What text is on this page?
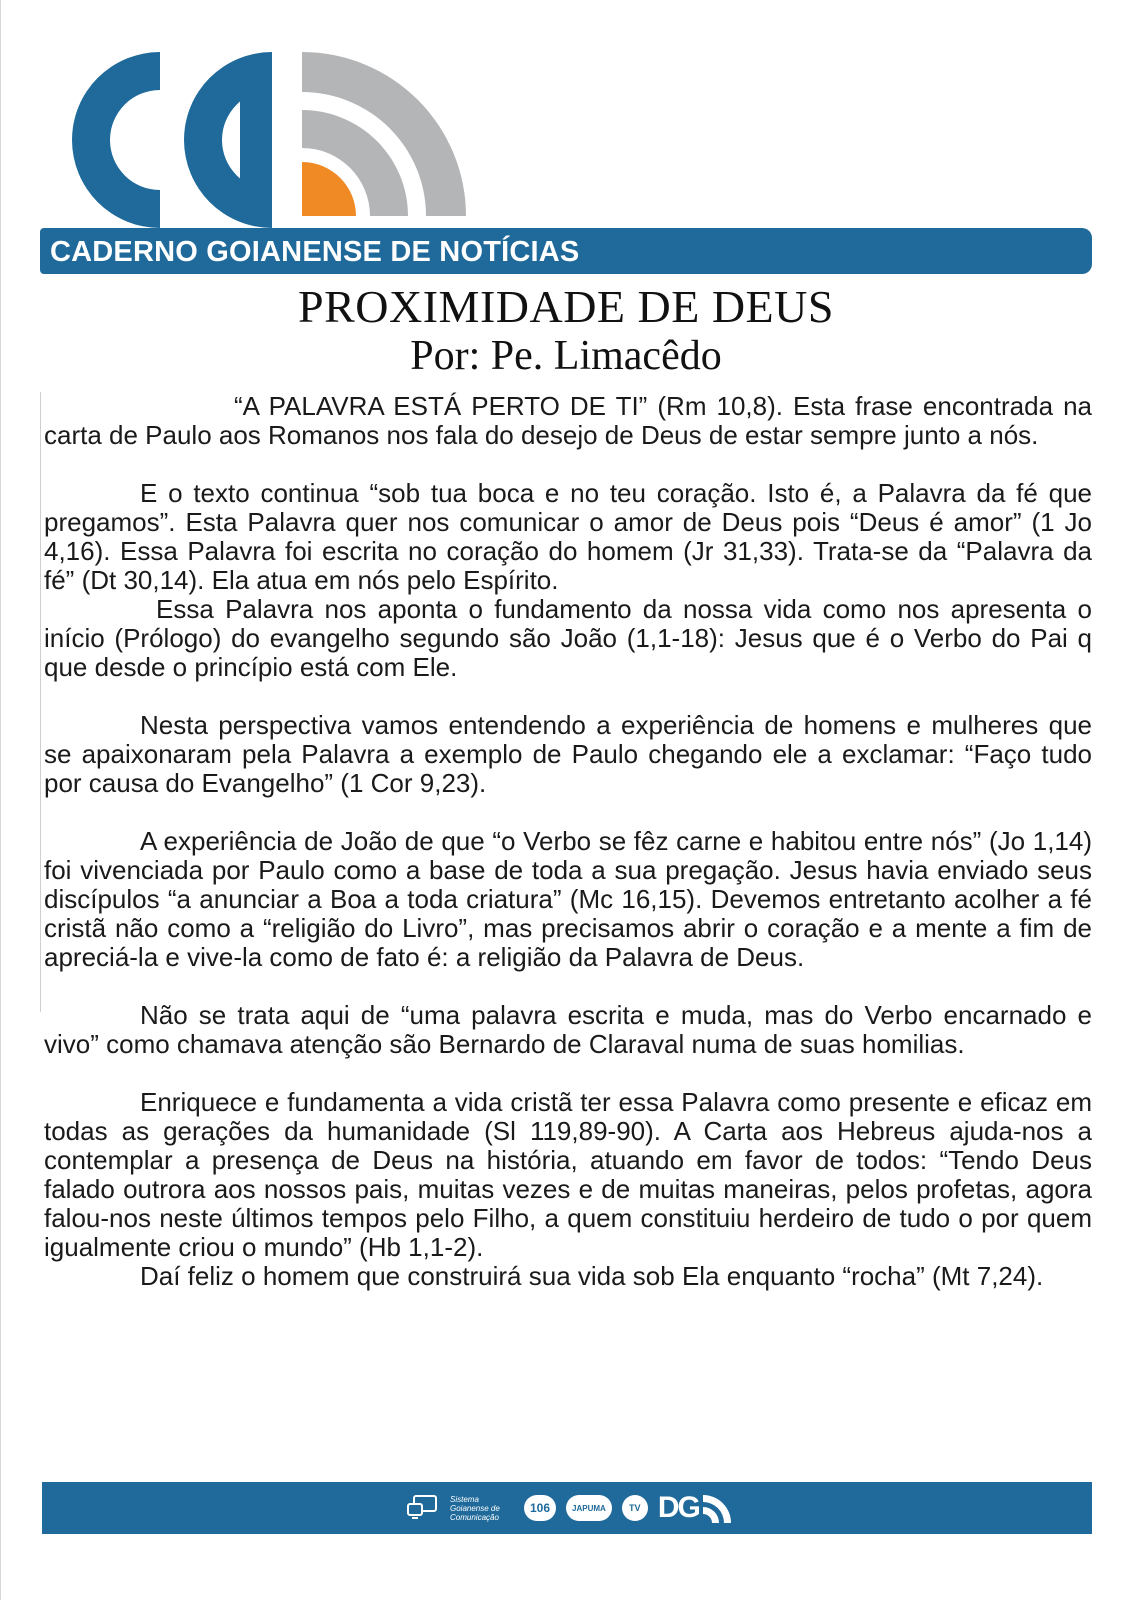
CADERNO GOIANENSE DE NOTÍCIAS
PROXIMIDADE DE DEUS
Por: Pe. Limacêdo

“A PALAVRA ESTÁ PERTO DE TI” (Rm 10,8). Esta frase encontrada na carta de Paulo aos Romanos nos fala do desejo de Deus de estar sempre junto a nós.

E o texto continua “sob tua boca e no teu coração. Isto é, a Palavra da fé que pregamos”. Esta Palavra quer nos comunicar o amor de Deus pois “Deus é amor” (1 Jo 4,16). Essa Palavra foi escrita no coração do homem (Jr 31,33). Trata-se da “Palavra da fé” (Dt 30,14). Ela atua em nós pelo Espírito.

Essa Palavra nos aponta o fundamento da nossa vida como nos apresenta o início (Prólogo) do evangelho segundo são João (1,1-18): Jesus que é o Verbo do Pai q que desde o princípio está com Ele.

Nesta perspectiva vamos entendendo a experiência de homens e mulheres que se apaixonaram pela Palavra a exemplo de Paulo chegando ele a exclamar: “Faço tudo por causa do Evangelho” (1 Cor 9,23).

A experiência de João de que “o Verbo se fêz carne e habitou entre nós” (Jo 1,14) foi vivenciada por Paulo como a base de toda a sua pregação. Jesus havia enviado seus discípulos “a anunciar a Boa a toda criatura” (Mc 16,15). Devemos entretanto acolher a fé cristã não como a “religião do Livro”, mas precisamos abrir o coração e a mente a fim de apreciá-la e vive-la como de fato é: a religião da Palavra de Deus.

Não se trata aqui de “uma palavra escrita e muda, mas do Verbo encarnado e vivo” como chamava atenção são Bernardo de Claraval numa de suas homilias.

Enriquece e fundamenta a vida cristã ter essa Palavra como presente e eficaz em todas as gerações da humanidade (Sl 119,89-90). A Carta aos Hebreus ajuda-nos a contemplar a presença de Deus na história, atuando em favor de todos: “Tendo Deus falado outrora aos nossos pais, muitas vezes e de muitas maneiras, pelos profetas, agora falou-nos neste últimos tempos pelo Filho, a quem constituiu herdeiro de tudo o por quem igualmente criou o mundo” (Hb 1,1-2).

Daí feliz o homem que construirá sua vida sob Ela enquanto “rocha” (Mt 7,24).

Sistema
Goianense de
Comunicação
106	JAPUMA	TV DG
